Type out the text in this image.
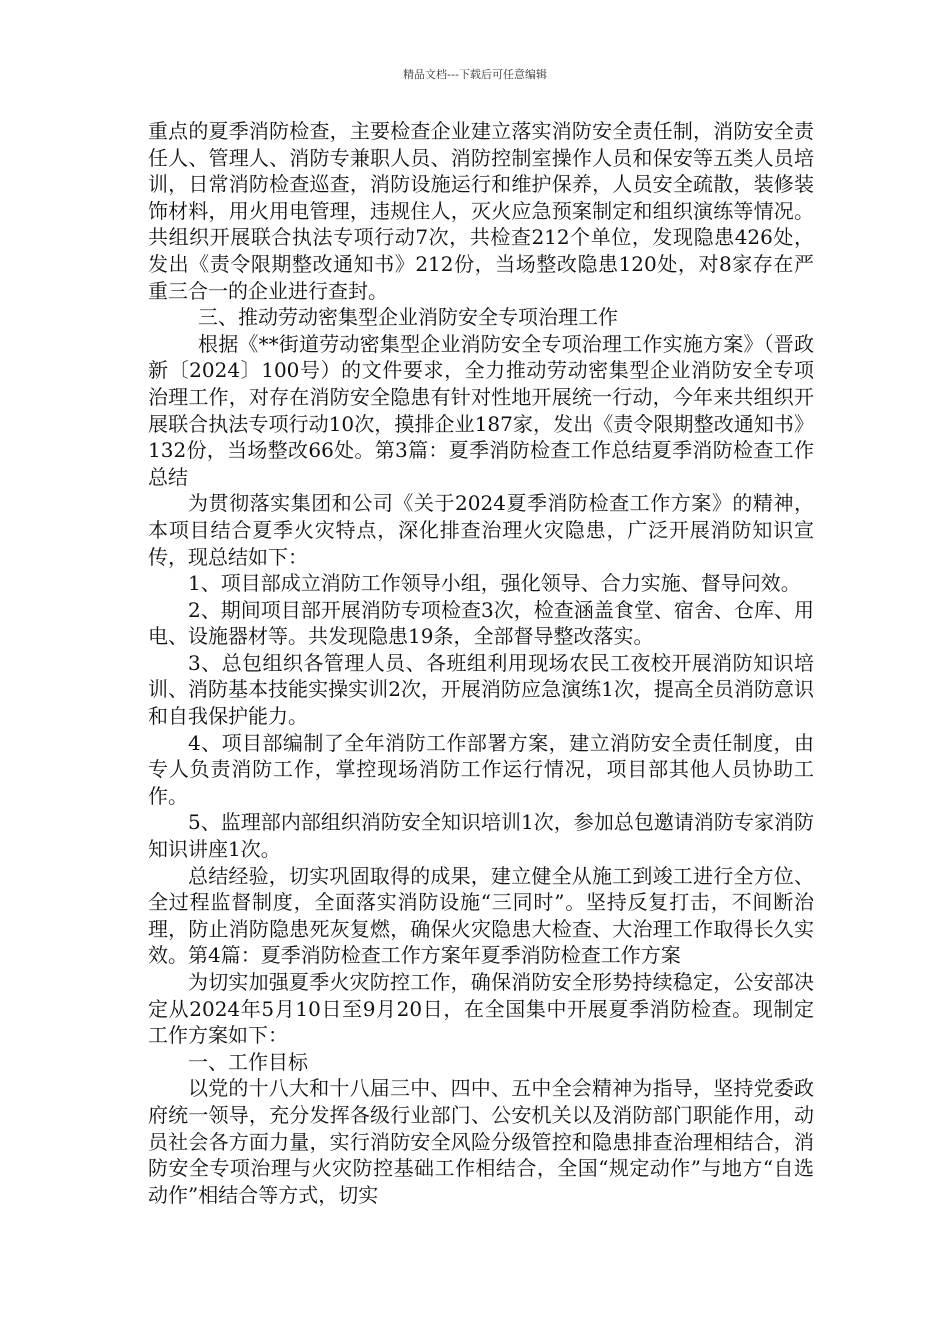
精品文档---下载后可任意编辑

重点的夏季消防检查，主要检查企业建立落实消防安全责任制，消防安全责任人、管理人、消防专兼职人员、消防控制室操作人员和保安等五类人员培训，日常消防检查巡查，消防设施运行和维护保养，人员安全疏散，装修装饰材料，用火用电管理，违规住人，灭火应急预案制定和组织演练等情况。共组织开展联合执法专项行动7次，共检查212个单位，发现隐患426处，发出《责令限期整改通知书》212份，当场整改隐患120处，对8家存在严重三合一的企业进行查封。

三、推动劳动密集型企业消防安全专项治理工作

根据《**街道劳动密集型企业消防安全专项治理工作实施方案》（晋政新〔2024〕100号）的文件要求，全力推动劳动密集型企业消防安全专项治理工作，对存在消防安全隐患有针对性地开展统一行动，今年来共组织开展联合执法专项行动10次，摸排企业187家，发出《责令限期整改通知书》132份，当场整改66处。第3篇：夏季消防检查工作总结夏季消防检查工作总结

为贯彻落实集团和公司《关于2024夏季消防检查工作方案》的精神，本项目结合夏季火灾特点，深化排查治理火灾隐患，广泛开展消防知识宣传，现总结如下：

1、项目部成立消防工作领导小组，强化领导、合力实施、督导问效。

2、期间项目部开展消防专项检查3次，检查涵盖食堂、宿舍、仓库、用电、设施器材等。共发现隐患19条，全部督导整改落实。

3、总包组织各管理人员、各班组利用现场农民工夜校开展消防知识培训、消防基本技能实操实训2次，开展消防应急演练1次，提高全员消防意识和自我保护能力。

4、项目部编制了全年消防工作部署方案，建立消防安全责任制度，由专人负责消防工作，掌控现场消防工作运行情况，项目部其他人员协助工作。

5、监理部内部组织消防安全知识培训1次，参加总包邀请消防专家消防知识讲座1次。

总结经验，切实巩固取得的成果，建立健全从施工到竣工进行全方位、全过程监督制度，全面落实消防设施“三同时”。坚持反复打击，不间断治理，防止消防隐患死灰复燃，确保火灾隐患大检查、大治理工作取得长久实效。第4篇：夏季消防检查工作方案年夏季消防检查工作方案

为切实加强夏季火灾防控工作，确保消防安全形势持续稳定，公安部决定从2024年5月10日至9月20日，在全国集中开展夏季消防检查。现制定工作方案如下：

一、工作目标

以党的十八大和十八届三中、四中、五中全会精神为指导，坚持党委政府统一领导，充分发挥各级行业部门、公安机关以及消防部门职能作用，动员社会各方面力量，实行消防安全风险分级管控和隐患排查治理相结合，消防安全专项治理与火灾防控基础工作相结合，全国“规定动作”与地方“自选动作”相结合等方式，切实
